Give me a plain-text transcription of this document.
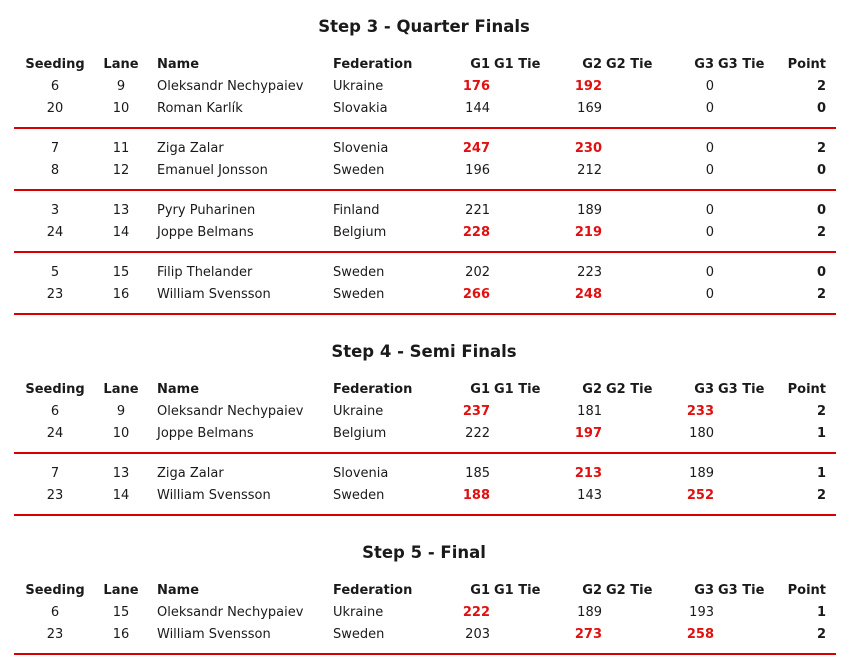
Step 3 - Quarter Finals
Seeding	Lane	Name	Federation	G1 G1 Tie	G2 G2 Tie	G3 G3 Tie	Point
6	9	Oleksandr Nechypaiev	Ukraine	176	192	0	2
20	10	Roman Karlík	Slovakia	144	169	0	0
7	11	Ziga Zalar	Slovenia	247	230	0	2
8	12	Emanuel Jonsson	Sweden	196	212	0	0
3	13	Pyry Puharinen	Finland	221	189	0	0
24	14	Joppe Belmans	Belgium	228	219	0	2
5	15	Filip Thelander	Sweden	202	223	0	0
23	16	William Svensson	Sweden	266	248	0	2
Step 4 - Semi Finals
Seeding	Lane	Name	Federation	G1 G1 Tie	G2 G2 Tie	G3 G3 Tie	Point
6	9	Oleksandr Nechypaiev	Ukraine	237	181	233	2
24	10	Joppe Belmans	Belgium	222	197	180	1
7	13	Ziga Zalar	Slovenia	185	213	189	1
23	14	William Svensson	Sweden	188	143	252	2
Step 5 - Final
Seeding	Lane	Name	Federation	G1 G1 Tie	G2 G2 Tie	G3 G3 Tie	Point
6	15	Oleksandr Nechypaiev	Ukraine	222	189	193	1
23	16	William Svensson	Sweden	203	273	258	2
